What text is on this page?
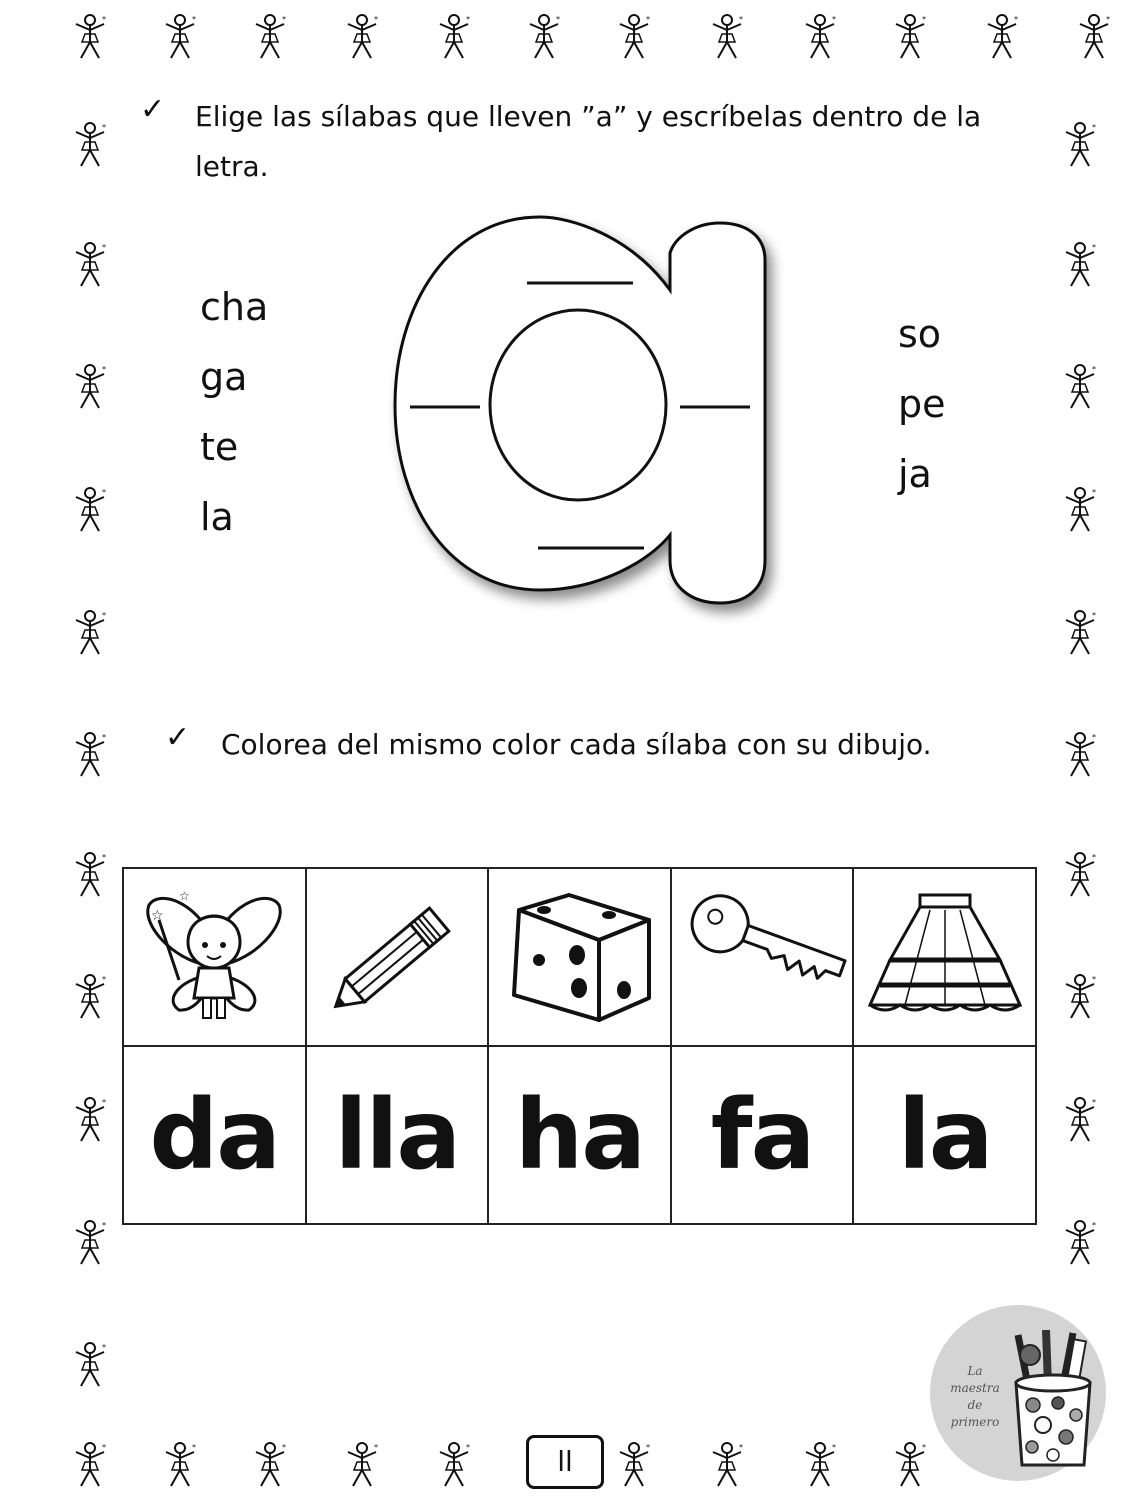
*	*	*	*	*	*	*	*	*	*	*	*
*	*	*	*	*	*	*	*	*
*
*
*
*
*
*
*
*
*
*
*
*
*
*
*
*
*
*
*
*
*
✓ Elige las sílabas que lleven ”a” y escríbelas dentro de la
letra.
cha
ga
te
la
so
pe
ja
✓ Colorea del mismo color cada sílaba con su dibujo.
☆
☆

da	lla	ha	fa	la
ll
La
maestra
de
primero
